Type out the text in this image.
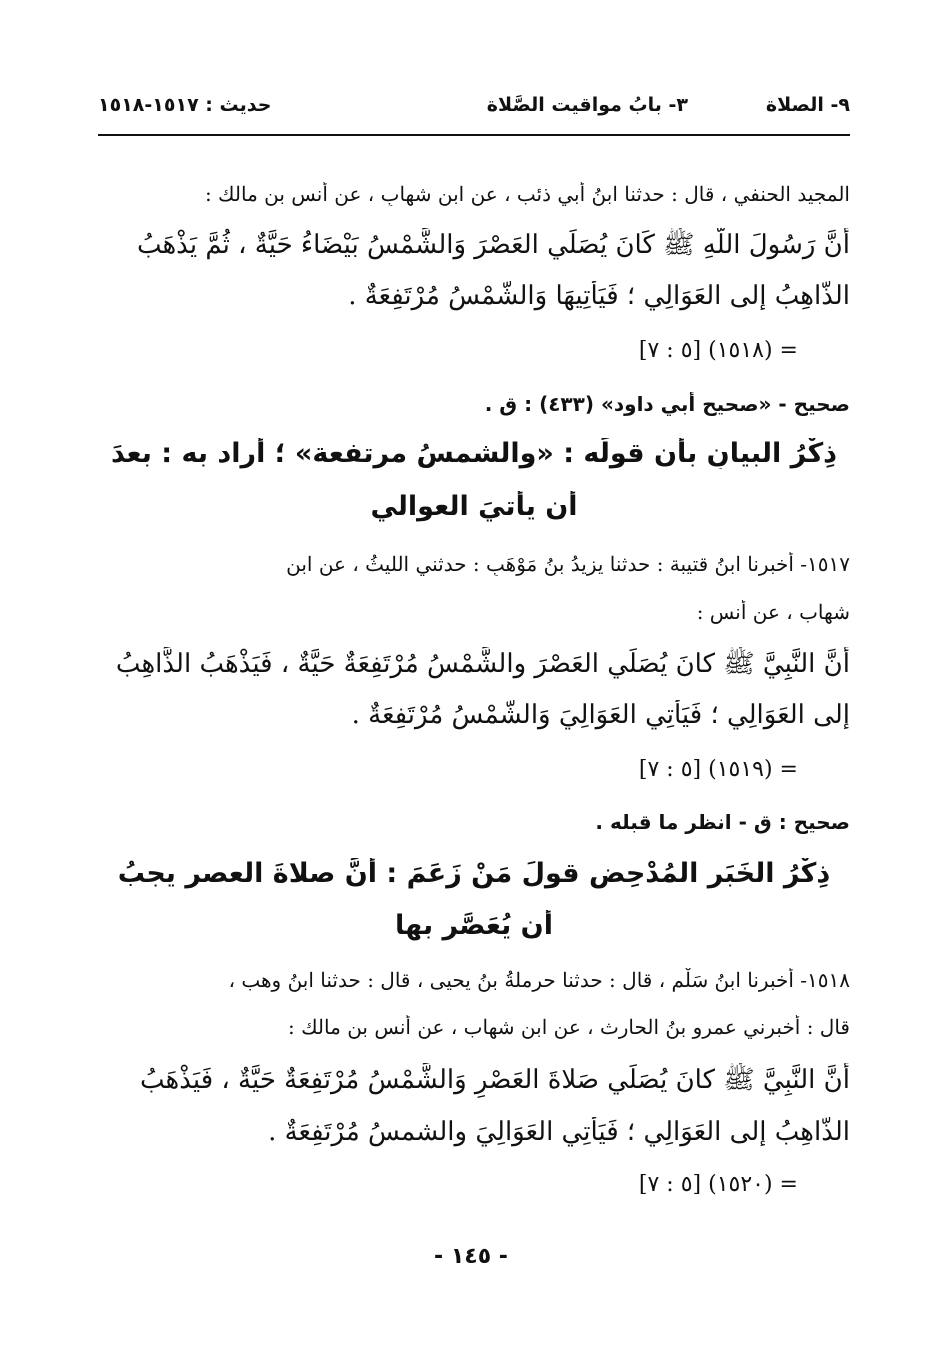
٩- الصلاة
٣- بابُ مواقيت الصَّلاة
حديث : ١٥١٧-١٥١٨
المجيد الحنفي ، قال : حدثنا ابنُ أبي ذئب ، عن ابن شهابٍ ، عن أنس بن مالك :
أَنَّ رَسُولَ اللَّهِ ﷺ كَانَ يُصَلِّي العَصْرَ وَالشَّمْسُ بَيْضَاءُ حَيَّةٌ ، ثُمَّ يَذْهَبُ
الذَّاهِبُ إلى العَوَالِي ؛ فَيَأْتِيهَا وَالشَّمْسُ مُرْتَفِعَةٌ .
= (١٥١٨) [٥ : ٧]
صحيح - «صحيح أبي داود» (٤٣٣) : ق .
ذِكْرُ البيانِ بأن قولَه : «والشمسُ مرتفعة» ؛ أراد به : بعدَ
أن يأتيَ العوالي
١٥١٧- أخبرنا ابنُ قتيبة : حدثنا يزيدُ بنُ مَوْهَبٍ : حدثني الليثُ ، عن ابنِ
شهاب ، عن أنس :
أَنَّ النَّبِيَّ ﷺ كانَ يُصَلِّي العَصْرَ والشَّمْسُ مُرْتَفِعَةٌ حَيَّةٌ ، فَيَذْهَبُ الذَّاهِبُ
إلى العَوَالِي ؛ فَيَأْتِي العَوَالِيَ وَالشَّمْسُ مُرْتَفِعَةٌ .
= (١٥١٩) [٥ : ٧]
صحيح : ق - انظر ما قبله .
ذِكْرُ الخَبَرِ المُدْحِضِ قولَ مَنْ زَعَمَ : أنَّ صلاةَ العصرِ يجبُ
أن يُعَصَّر بها
١٥١٨- أخبرنا ابنُ سَلْمٍ ، قال : حدثنا حرملةُ بنُ يحيى ، قال : حدثنا ابنُ وهب ،
قال : أخبرني عمرو بنُ الحارث ، عن ابنِ شهاب ، عن أنس بن مالك :
أَنَّ النَّبِيَّ ﷺ كانَ يُصَلِّي صَلاةَ العَصْرِ وَالشَّمْسُ مُرْتَفِعَةٌ حَيَّةٌ ، فَيَذْهَبُ
الذَّاهِبُ إلى العَوَالِي ؛ فَيَأْتِي العَوَالِيَ والشمسُ مُرْتَفِعَةٌ .
= (١٥٢٠) [٥ : ٧]
- ١٤٥ -
